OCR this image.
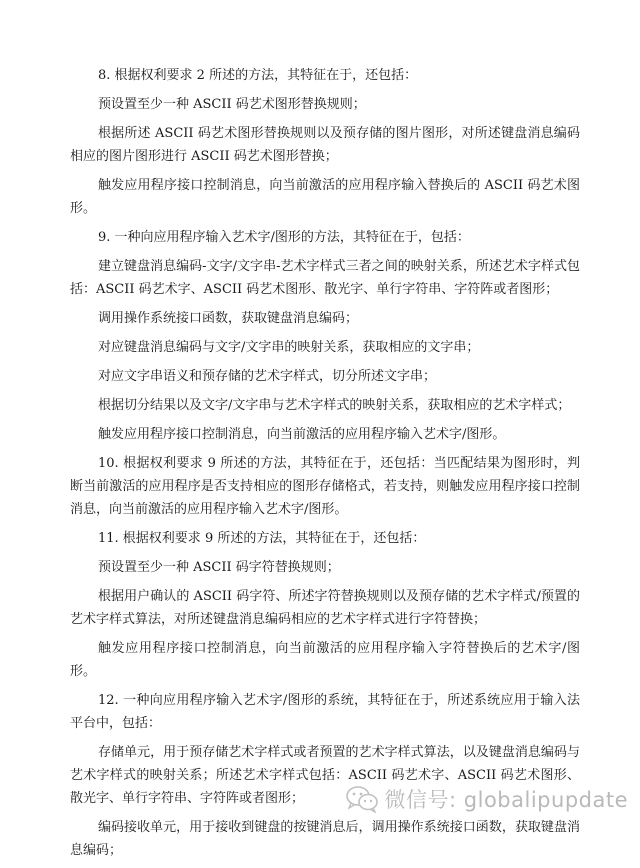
8. 根据权利要求 2 所述的方法，其特征在于，还包括：

预设置至少一种 ASCII 码艺术图形替换规则；

根据所述 ASCII 码艺术图形替换规则以及预存储的图片图形，对所述键盘消息编码相应的图片图形进行 ASCII 码艺术图形替换；

触发应用程序接口控制消息，向当前激活的应用程序输入替换后的 ASCII 码艺术图形。

9. 一种向应用程序输入艺术字/图形的方法，其特征在于，包括：

建立键盘消息编码-文字/文字串-艺术字样式三者之间的映射关系，所述艺术字样式包括：ASCII 码艺术字、ASCII 码艺术图形、散光字、单行字符串、字符阵或者图形；

调用操作系统接口函数，获取键盘消息编码；

对应键盘消息编码与文字/文字串的映射关系，获取相应的文字串；

对应文字串语义和预存储的艺术字样式，切分所述文字串；

根据切分结果以及文字/文字串与艺术字样式的映射关系，获取相应的艺术字样式；

触发应用程序接口控制消息，向当前激活的应用程序输入艺术字/图形。

10. 根据权利要求 9 所述的方法，其特征在于，还包括：当匹配结果为图形时，判断当前激活的应用程序是否支持相应的图形存储格式，若支持，则触发应用程序接口控制消息，向当前激活的应用程序输入艺术字/图形。

11. 根据权利要求 9 所述的方法，其特征在于，还包括：

预设置至少一种 ASCII 码字符替换规则；

根据用户确认的 ASCII 码字符、所述字符替换规则以及预存储的艺术字样式/预置的艺术字样式算法，对所述键盘消息编码相应的艺术字样式进行字符替换；

触发应用程序接口控制消息，向当前激活的应用程序输入字符替换后的艺术字/图形。

12. 一种向应用程序输入艺术字/图形的系统，其特征在于，所述系统应用于输入法平台中，包括：

存储单元，用于预存储艺术字样式或者预置的艺术字样式算法，以及键盘消息编码与艺术字样式的映射关系；所述艺术字样式包括：ASCII 码艺术字、ASCII 码艺术图形、散光字、单行字符串、字符阵或者图形；

编码接收单元，用于接收到键盘的按键消息后，调用操作系统接口函数，获取键盘消息编码；

微信号: globalipupdate
